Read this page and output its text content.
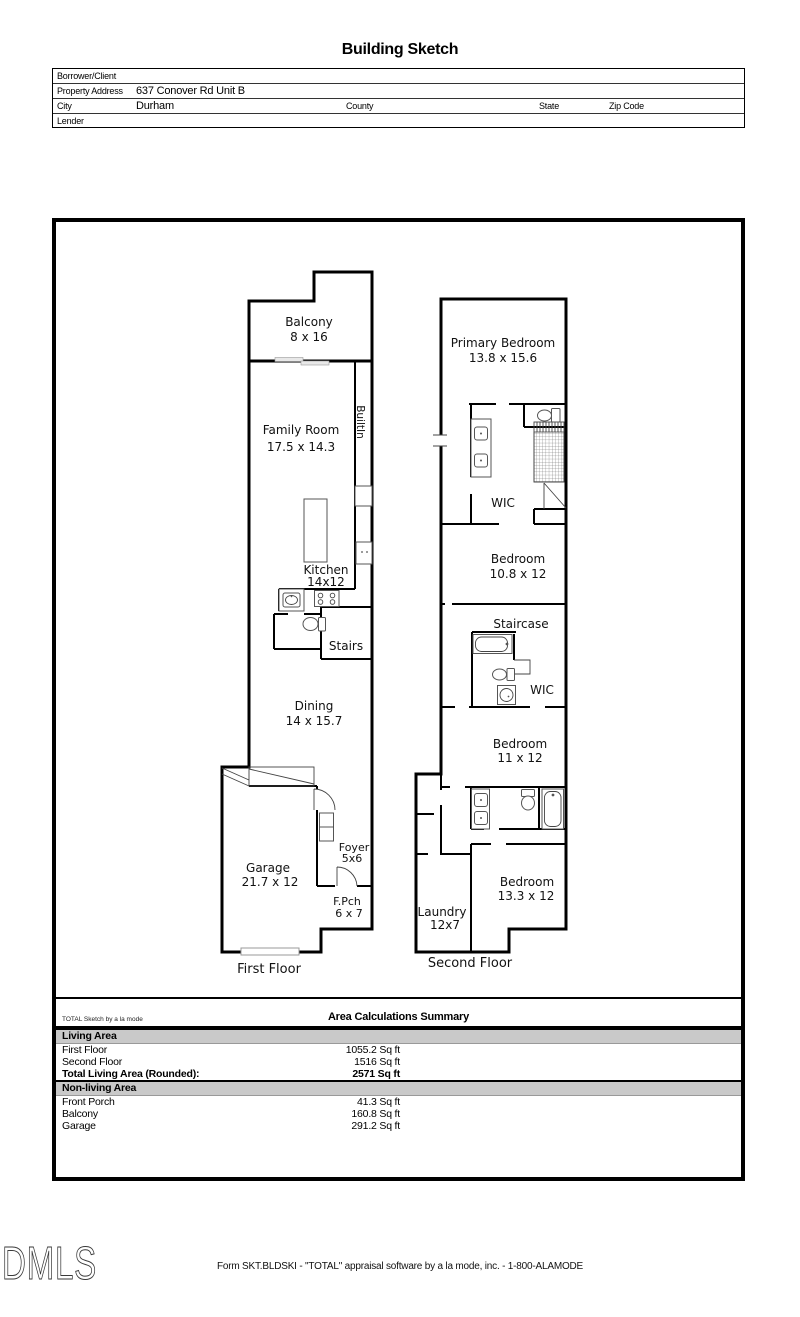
Building Sketch
Borrower/Client
Property Address 637 Conover Rd Unit B
City	Durham	County	State	Zip Code
Lender
Balcony
8 x 16
Family Room
17.5 x 14.3
BuiltIn
Kitchen
14x12
Stairs
Dining
14 x 15.7
Garage
21.7 x 12
Foyer
5x6
F.Pch
6 x 7
First Floor
Primary Bedroom
13.8 x 15.6
WIC
Bedroom
10.8 x 12
Staircase
WIC
Bedroom
11 x 12
Bedroom
13.3 x 12
Laundry
12x7
Second Floor
TOTAL Sketch by a la mode	Area Calculations Summary
Living Area
First Floor	1055.2 Sq ft
Second Floor	1516 Sq ft
Total Living Area (Rounded):	2571 Sq ft
Non-living Area
Front Porch	41.3 Sq ft
Balcony	160.8 Sq ft
Garage	291.2 Sq ft
DMLS	Form SKT.BLDSKI - "TOTAL" appraisal software by a la mode, inc. - 1-800-ALAMODE
